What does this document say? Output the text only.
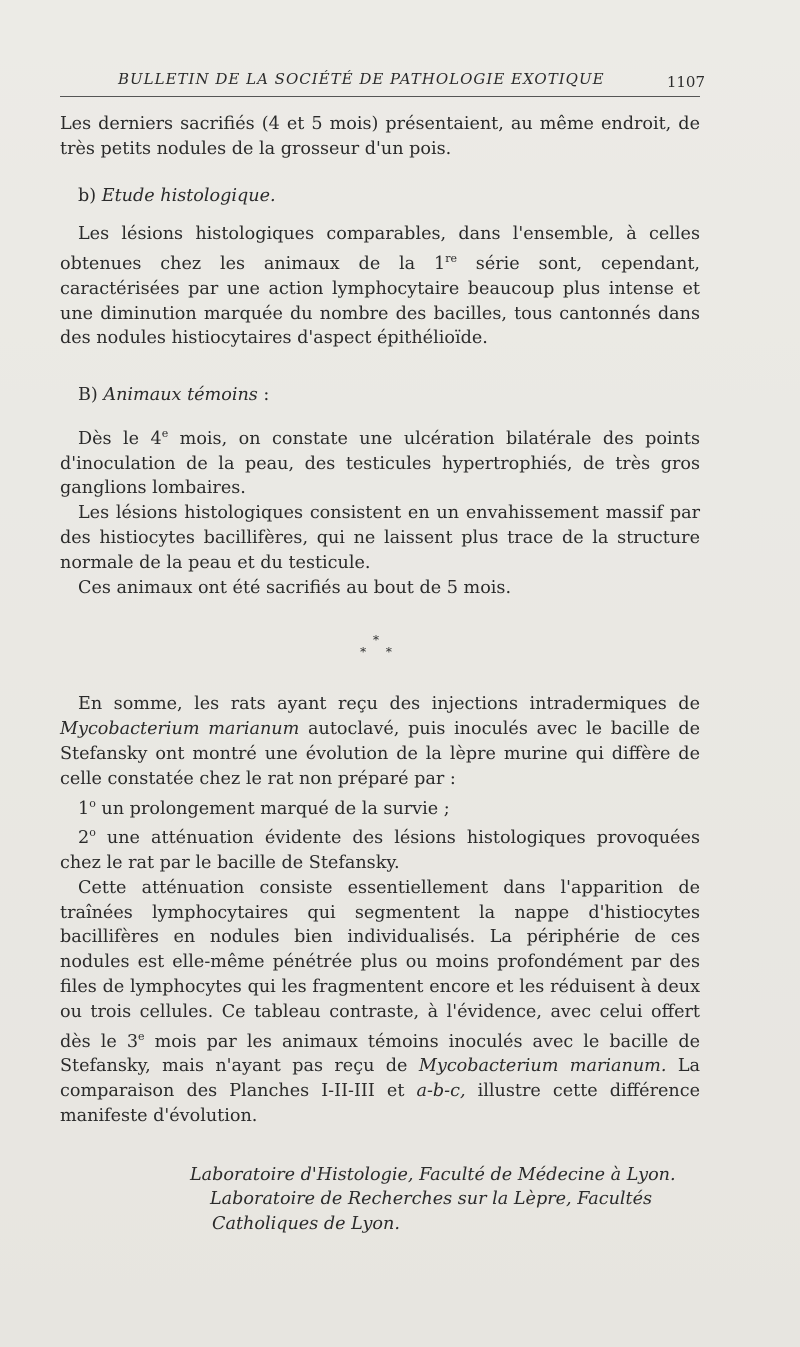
BULLETIN DE LA SOCIÉTÉ DE PATHOLOGIE EXOTIQUE	1107

Les derniers sacrifiés (4 et 5 mois) présentaient, au même endroit, de très petits nodules de la grosseur d'un pois.

b) Etude histologique.

Les lésions histologiques comparables, dans l'ensemble, à celles obtenues chez les animaux de la 1re série sont, cependant, caractérisées par une action lymphocytaire beaucoup plus intense et une diminution marquée du nombre des bacilles, tous cantonnés dans des nodules histiocytaires d'aspect épithélioïde.

B) Animaux témoins :

Dès le 4e mois, on constate une ulcération bilatérale des points d'inoculation de la peau, des testicules hypertrophiés, de très gros ganglions lombaires.

Les lésions histologiques consistent en un envahissement massif par des histiocytes bacillifères, qui ne laissent plus trace de la structure normale de la peau et du testicule.

Ces animaux ont été sacrifiés au bout de 5 mois.

*
* *

En somme, les rats ayant reçu des injections intradermiques de Mycobacterium marianum autoclavé, puis inoculés avec le bacille de Stefansky ont montré une évolution de la lèpre murine qui diffère de celle constatée chez le rat non préparé par :

1$^o$ un prolongement marqué de la survie ;

2$^o$ une atténuation évidente des lésions histologiques provoquées chez le rat par le bacille de Stefansky.

Cette atténuation consiste essentiellement dans l'apparition de traînées lymphocytaires qui segmentent la nappe d'histiocytes bacillifères en nodules bien individualisés. La périphérie de ces nodules est elle-même pénétrée plus ou moins profondément par des files de lymphocytes qui les fragmentent encore et les réduisent à deux ou trois cellules. Ce tableau contraste, à l'évidence, avec celui offert dès le 3e mois par les animaux témoins inoculés avec le bacille de Stefansky, mais n'ayant pas reçu de Mycobacterium marianum. La comparaison des Planches I-II-III et a-b-c, illustre cette différence manifeste d'évolution.

Laboratoire d'Histologie, Faculté de Médecine à Lyon.
Laboratoire de Recherches sur la Lèpre, Facultés
Catholiques de Lyon.
